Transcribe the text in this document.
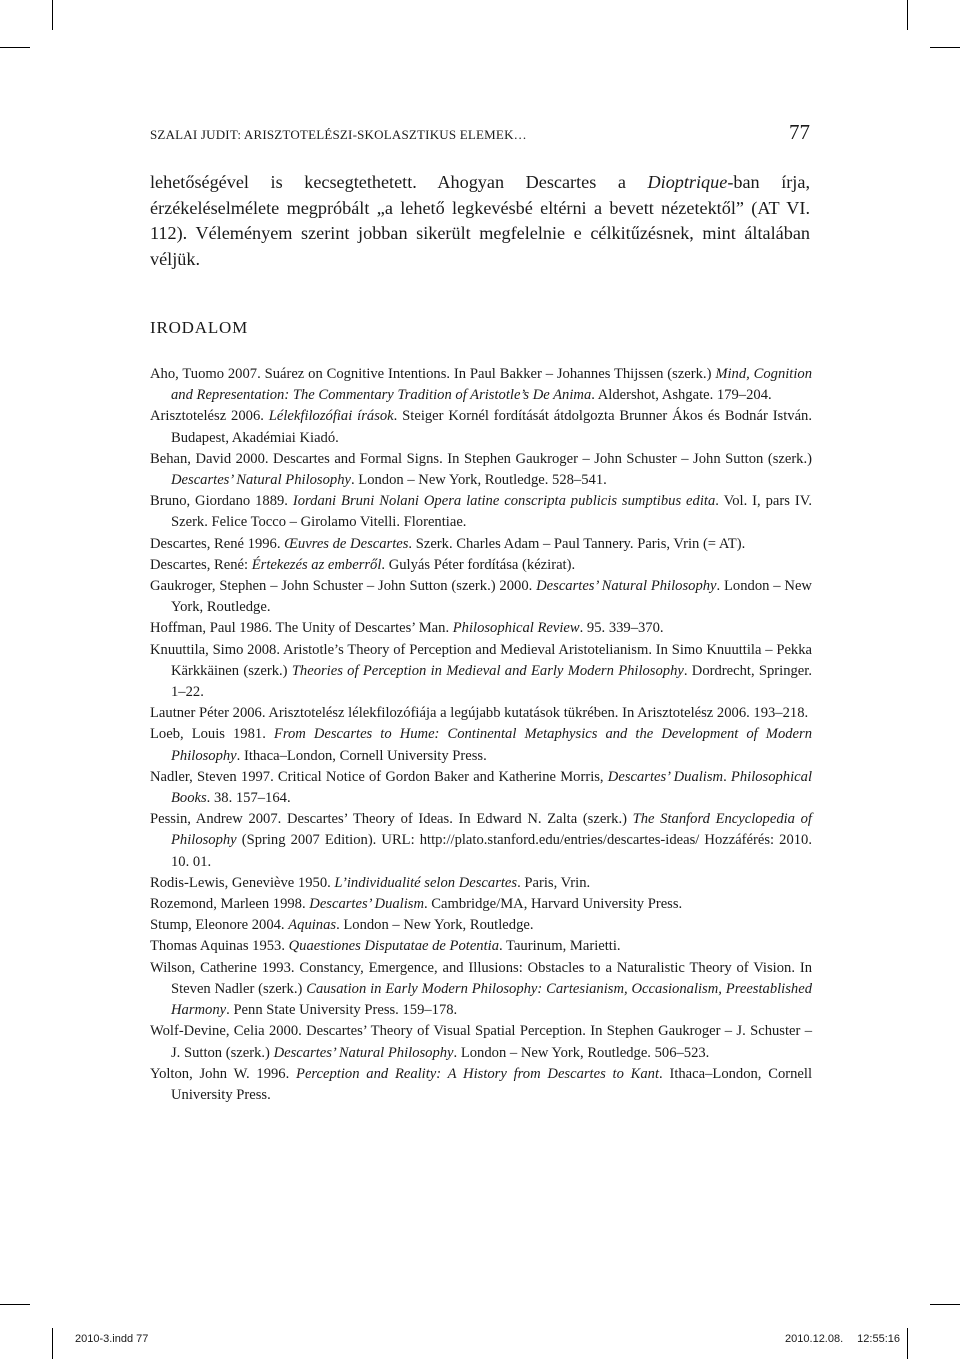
SZALAI JUDIT: ARISZTOTELÉSZI-SKOLASZTIKUS ELEMEK…	77

lehetőségével is kecsegtethetett. Ahogyan Descartes a Dioptrique-ban írja, érzékeléselmélete megpróbált „a lehető legkevésbé eltérni a bevett nézetektől” (AT VI. 112). Véleményem szerint jobban sikerült megfelelnie e célkitűzésnek, mint általában véljük.

IRODALOM

Aho, Tuomo 2007. Suárez on Cognitive Intentions. In Paul Bakker – Johannes Thijssen (szerk.) Mind, Cognition and Representation: The Commentary Tradition of Aristotle’s De Anima. Aldershot, Ashgate. 179–204.

Arisztotelész 2006. Lélekfilozófiai írások. Steiger Kornél fordítását átdolgozta Brunner Ákos és Bodnár István. Budapest, Akadémiai Kiadó.

Behan, David 2000. Descartes and Formal Signs. In Stephen Gaukroger – John Schuster – John Sutton (szerk.) Descartes’ Natural Philosophy. London – New York, Routledge. 528–541.

Bruno, Giordano 1889. Iordani Bruni Nolani Opera latine conscripta publicis sumptibus edita. Vol. I, pars IV. Szerk. Felice Tocco – Girolamo Vitelli. Florentiae.

Descartes, René 1996. Œuvres de Descartes. Szerk. Charles Adam – Paul Tannery. Paris, Vrin (= AT).

Descartes, René: Értekezés az emberről. Gulyás Péter fordítása (kézirat).

Gaukroger, Stephen – John Schuster – John Sutton (szerk.) 2000. Descartes’ Natural Philosophy. London – New York, Routledge.

Hoffman, Paul 1986. The Unity of Descartes’ Man. Philosophical Review. 95. 339–370.

Knuuttila, Simo 2008. Aristotle’s Theory of Perception and Medieval Aristotelianism. In Simo Knuuttila – Pekka Kärkkäinen (szerk.) Theories of Perception in Medieval and Early Modern Philosophy. Dordrecht, Springer. 1–22.

Lautner Péter 2006. Arisztotelész lélekfilozófiája a legújabb kutatások tükrében. In Arisztotelész 2006. 193–218.

Loeb, Louis 1981. From Descartes to Hume: Continental Metaphysics and the Development of Modern Philosophy. Ithaca–London, Cornell University Press.

Nadler, Steven 1997. Critical Notice of Gordon Baker and Katherine Morris, Descartes’ Dualism. Philosophical Books. 38. 157–164.

Pessin, Andrew 2007. Descartes’ Theory of Ideas. In Edward N. Zalta (szerk.) The Stanford Encyclopedia of Philosophy (Spring 2007 Edition). URL: http://plato.stanford.edu/entries/descartes-ideas/ Hozzáférés: 2010. 10. 01.

Rodis-Lewis, Geneviève 1950. L’individualité selon Descartes. Paris, Vrin.

Rozemond, Marleen 1998. Descartes’ Dualism. Cambridge/MA, Harvard University Press.

Stump, Eleonore 2004. Aquinas. London – New York, Routledge.

Thomas Aquinas 1953. Quaestiones Disputatae de Potentia. Taurinum, Marietti.

Wilson, Catherine 1993. Constancy, Emergence, and Illusions: Obstacles to a Naturalistic Theory of Vision. In Steven Nadler (szerk.) Causation in Early Modern Philosophy: Cartesianism, Occasionalism, Preestablished Harmony. Penn State University Press. 159–178.

Wolf-Devine, Celia 2000. Descartes’ Theory of Visual Spatial Perception. In Stephen Gaukroger – J. Schuster – J. Sutton (szerk.) Descartes’ Natural Philosophy. London – New York, Routledge. 506–523.

Yolton, John W. 1996. Perception and Reality: A History from Descartes to Kant. Ithaca–London, Cornell University Press.

2010-3.indd 77	2010.12.08. 12:55:16
